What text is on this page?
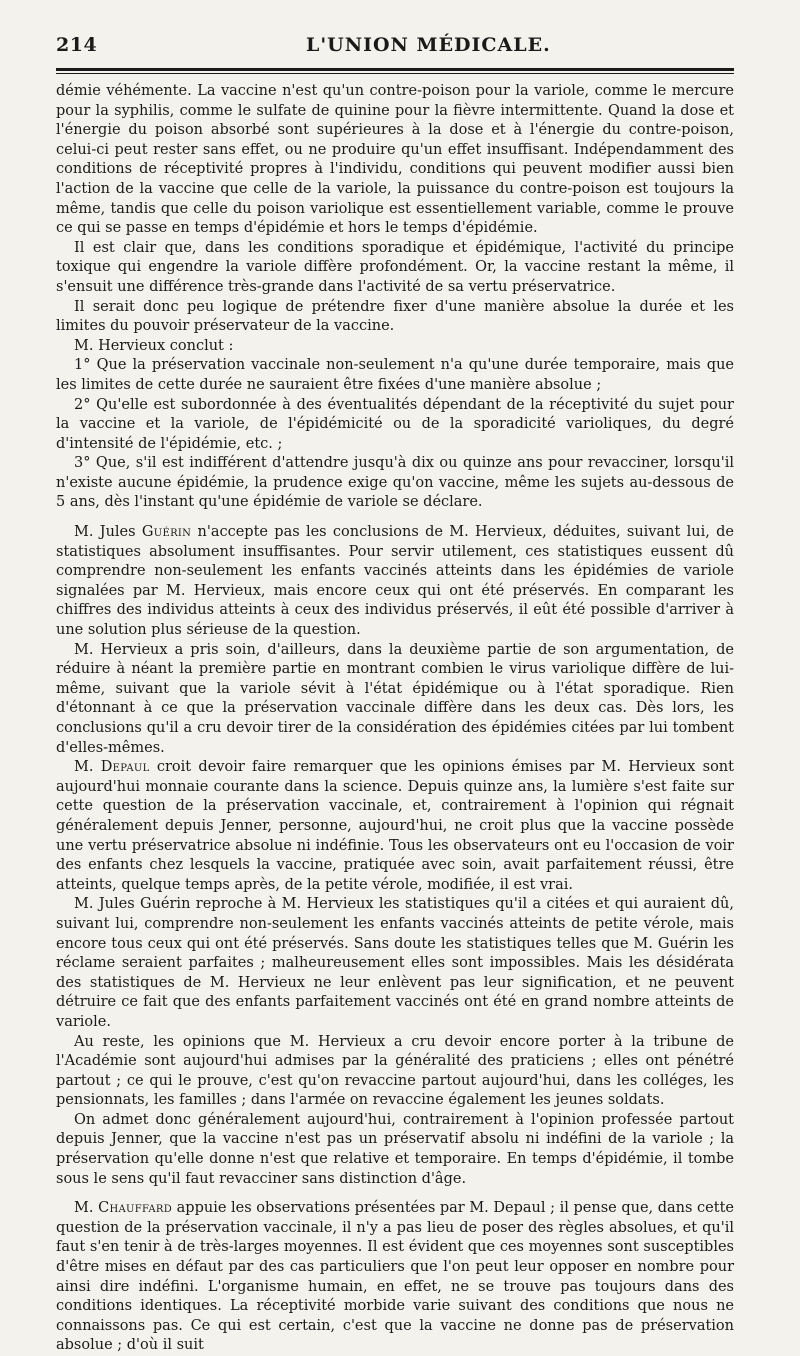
214	L'UNION MÉDICALE.

démie véhémente. La vaccine n'est qu'un contre-poison pour la variole, comme le mercure pour la syphilis, comme le sulfate de quinine pour la fièvre intermittente. Quand la dose et l'énergie du poison absorbé sont supérieures à la dose et à l'énergie du contre-poison, celui-ci peut rester sans effet, ou ne produire qu'un effet insuffisant. Indépendamment des conditions de réceptivité propres à l'individu, conditions qui peuvent modifier aussi bien l'action de la vaccine que celle de la variole, la puissance du contre-poison est toujours la même, tandis que celle du poison variolique est essentiellement variable, comme le prouve ce qui se passe en temps d'épidémie et hors le temps d'épidémie.

Il est clair que, dans les conditions sporadique et épidémique, l'activité du principe toxique qui engendre la variole diffère profondément. Or, la vaccine restant la même, il s'ensuit une différence très-grande dans l'activité de sa vertu préservatrice.

Il serait donc peu logique de prétendre fixer d'une manière absolue la durée et les limites du pouvoir préservateur de la vaccine.

M. Hervieux conclut :

1° Que la préservation vaccinale non-seulement n'a qu'une durée temporaire, mais que les limites de cette durée ne sauraient être fixées d'une manière absolue ;

2° Qu'elle est subordonnée à des éventualités dépendant de la réceptivité du sujet pour la vaccine et la variole, de l'épidémicité ou de la sporadicité varioliques, du degré d'intensité de l'épidémie, etc. ;

3° Que, s'il est indifférent d'attendre jusqu'à dix ou quinze ans pour revacciner, lorsqu'il n'existe aucune épidémie, la prudence exige qu'on vaccine, même les sujets au-dessous de 5 ans, dès l'instant qu'une épidémie de variole se déclare.

M. Jules Guérin n'accepte pas les conclusions de M. Hervieux, déduites, suivant lui, de statistiques absolument insuffisantes. Pour servir utilement, ces statistiques eussent dû comprendre non-seulement les enfants vaccinés atteints dans les épidémies de variole signalées par M. Hervieux, mais encore ceux qui ont été préservés. En comparant les chiffres des individus atteints à ceux des individus préservés, il eût été possible d'arriver à une solution plus sérieuse de la question.

M. Hervieux a pris soin, d'ailleurs, dans la deuxième partie de son argumentation, de réduire à néant la première partie en montrant combien le virus variolique diffère de lui-même, suivant que la variole sévit à l'état épidémique ou à l'état sporadique. Rien d'étonnant à ce que la préservation vaccinale diffère dans les deux cas. Dès lors, les conclusions qu'il a cru devoir tirer de la considération des épidémies citées par lui tombent d'elles-mêmes.

M. Depaul croit devoir faire remarquer que les opinions émises par M. Hervieux sont aujourd'hui monnaie courante dans la science. Depuis quinze ans, la lumière s'est faite sur cette question de la préservation vaccinale, et, contrairement à l'opinion qui régnait généralement depuis Jenner, personne, aujourd'hui, ne croit plus que la vaccine possède une vertu préservatrice absolue ni indéfinie. Tous les observateurs ont eu l'occasion de voir des enfants chez lesquels la vaccine, pratiquée avec soin, avait parfaitement réussi, être atteints, quelque temps après, de la petite vérole, modifiée, il est vrai.

M. Jules Guérin reproche à M. Hervieux les statistiques qu'il a citées et qui auraient dû, suivant lui, comprendre non-seulement les enfants vaccinés atteints de petite vérole, mais encore tous ceux qui ont été préservés. Sans doute les statistiques telles que M. Guérin les réclame seraient parfaites ; malheureusement elles sont impossibles. Mais les désidérata des statistiques de M. Hervieux ne leur enlèvent pas leur signification, et ne peuvent détruire ce fait que des enfants parfaitement vaccinés ont été en grand nombre atteints de variole.

Au reste, les opinions que M. Hervieux a cru devoir encore porter à la tribune de l'Académie sont aujourd'hui admises par la généralité des praticiens ; elles ont pénétré partout ; ce qui le prouve, c'est qu'on revaccine partout aujourd'hui, dans les colléges, les pensionnats, les familles ; dans l'armée on revaccine également les jeunes soldats.

On admet donc généralement aujourd'hui, contrairement à l'opinion professée partout depuis Jenner, que la vaccine n'est pas un préservatif absolu ni indéfini de la variole ; la préservation qu'elle donne n'est que relative et temporaire. En temps d'épidémie, il tombe sous le sens qu'il faut revacciner sans distinction d'âge.

M. Chauffard appuie les observations présentées par M. Depaul ; il pense que, dans cette question de la préservation vaccinale, il n'y a pas lieu de poser des règles absolues, et qu'il faut s'en tenir à de très-larges moyennes. Il est évident que ces moyennes sont susceptibles d'être mises en défaut par des cas particuliers que l'on peut leur opposer en nombre pour ainsi dire indéfini. L'organisme humain, en effet, ne se trouve pas toujours dans des conditions identiques. La réceptivité morbide varie suivant des conditions que nous ne connaissons pas. Ce qui est certain, c'est que la vaccine ne donne pas de préservation absolue ; d'où il suit
